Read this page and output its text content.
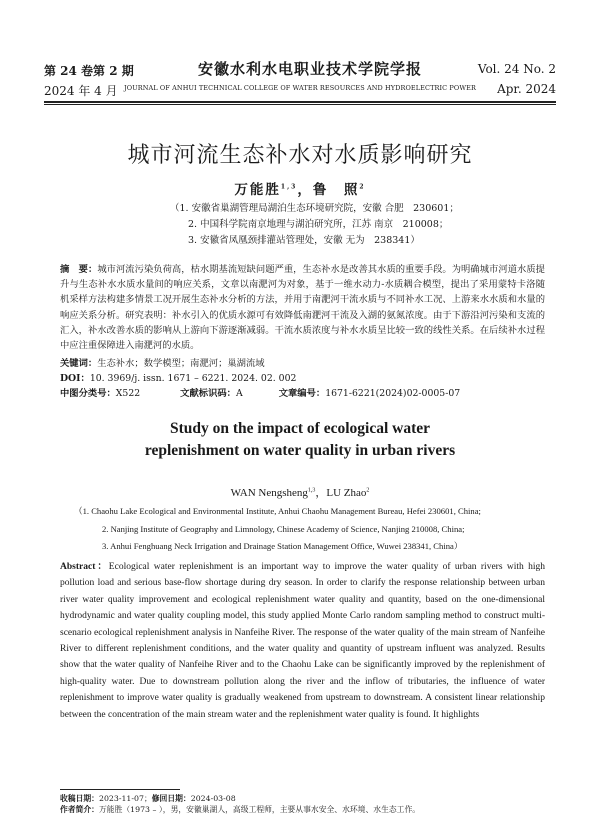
第 24 卷第 2 期
2024 年 4 月
安徽水利水电职业技术学院学报
JOURNAL OF ANHUI TECHNICAL COLLEGE OF WATER RESOURCES AND HYDROELECTRIC POWER
Vol. 24 No. 2
Apr. 2024
城市河流生态补水对水质影响研究
万能胜$^{1,3}$，鲁　照$^2$
（1. 安徽省巢湖管理局湖泊生态环境研究院，安徽 合肥　230601；
2. 中国科学院南京地理与湖泊研究所，江苏 南京　210008；
3. 安徽省凤凰颈排灌站管理处，安徽 无为　238341）
摘　要：城市河流污染负荷高，枯水期基流短缺问题严重，生态补水是改善其水质的重要手段。为明确城市河道水质提升与生态补水水质水量间的响应关系，文章以南淝河为对象，基于一维水动力-水质耦合模型，提出了采用蒙特卡洛随机采样方法构建多情景工况开展生态补水分析的方法，并用于南淝河干流水质与不同补水工况、上游来水水质和水量的响应关系分析。研究表明：补水引入的优质水源可有效降低南淝河干流及入湖的氨氮浓度。由于下游沿河污染和支流的汇入，补水改善水质的影响从上游向下游逐渐减弱。干流水质浓度与补水水质呈比较一致的线性关系。在后续补水过程中应注重保障进入南淝河的水质。
关键词：生态补水；数学模型；南淝河；巢湖流域
DOI：10. 3969/j. issn. 1671 – 6221. 2024. 02. 002
中图分类号：X522	文献标识码：A	文章编号：1671-6221(2024)02-0005-07
Study on the impact of ecological water
replenishment on water quality in urban rivers
WAN Nengsheng$^{1,3}$，LU Zhao$^2$
（1. Chaohu Lake Ecological and Environmental Institute, Anhui Chaohu Management Bureau, Hefei 230601, China;
2. Nanjing Institute of Geography and Limnology, Chinese Academy of Science, Nanjing 210008, China;
3. Anhui Fenghuang Neck Irrigation and Drainage Station Management Office, Wuwei 238341, China）
Abstract：Ecological water replenishment is an important way to improve the water quality of urban rivers with high pollution load and serious base-flow shortage during dry season. In order to clarify the response relationship between urban river water quality improvement and ecological replenishment water quality and quantity, based on the one-dimensional hydrodynamic and water quality coupling model, this study applied Monte Carlo random sampling method to construct multi-scenario ecological replenishment analysis in Nanfeihe River. The response of the water quality of the main stream of Nanfeihe River to different replenishment conditions, and the water quality and quantity of upstream influent was analyzed. Results show that the water quality of Nanfeihe River and to the Chaohu Lake can be significantly improved by the replenishment of high-quality water. Due to downstream pollution along the river and the inflow of tributaries, the influence of water replenishment to improve water quality is gradually weakened from upstream to downstream. A consistent linear relationship between the concentration of the main stream water and the replenishment water quality is found. It highlights
收稿日期：2023-11-07；修回日期：2024-03-08
作者简介：万能胜（1973 – ），男，安徽巢湖人，高级工程师，主要从事水安全、水环境、水生态工作。
